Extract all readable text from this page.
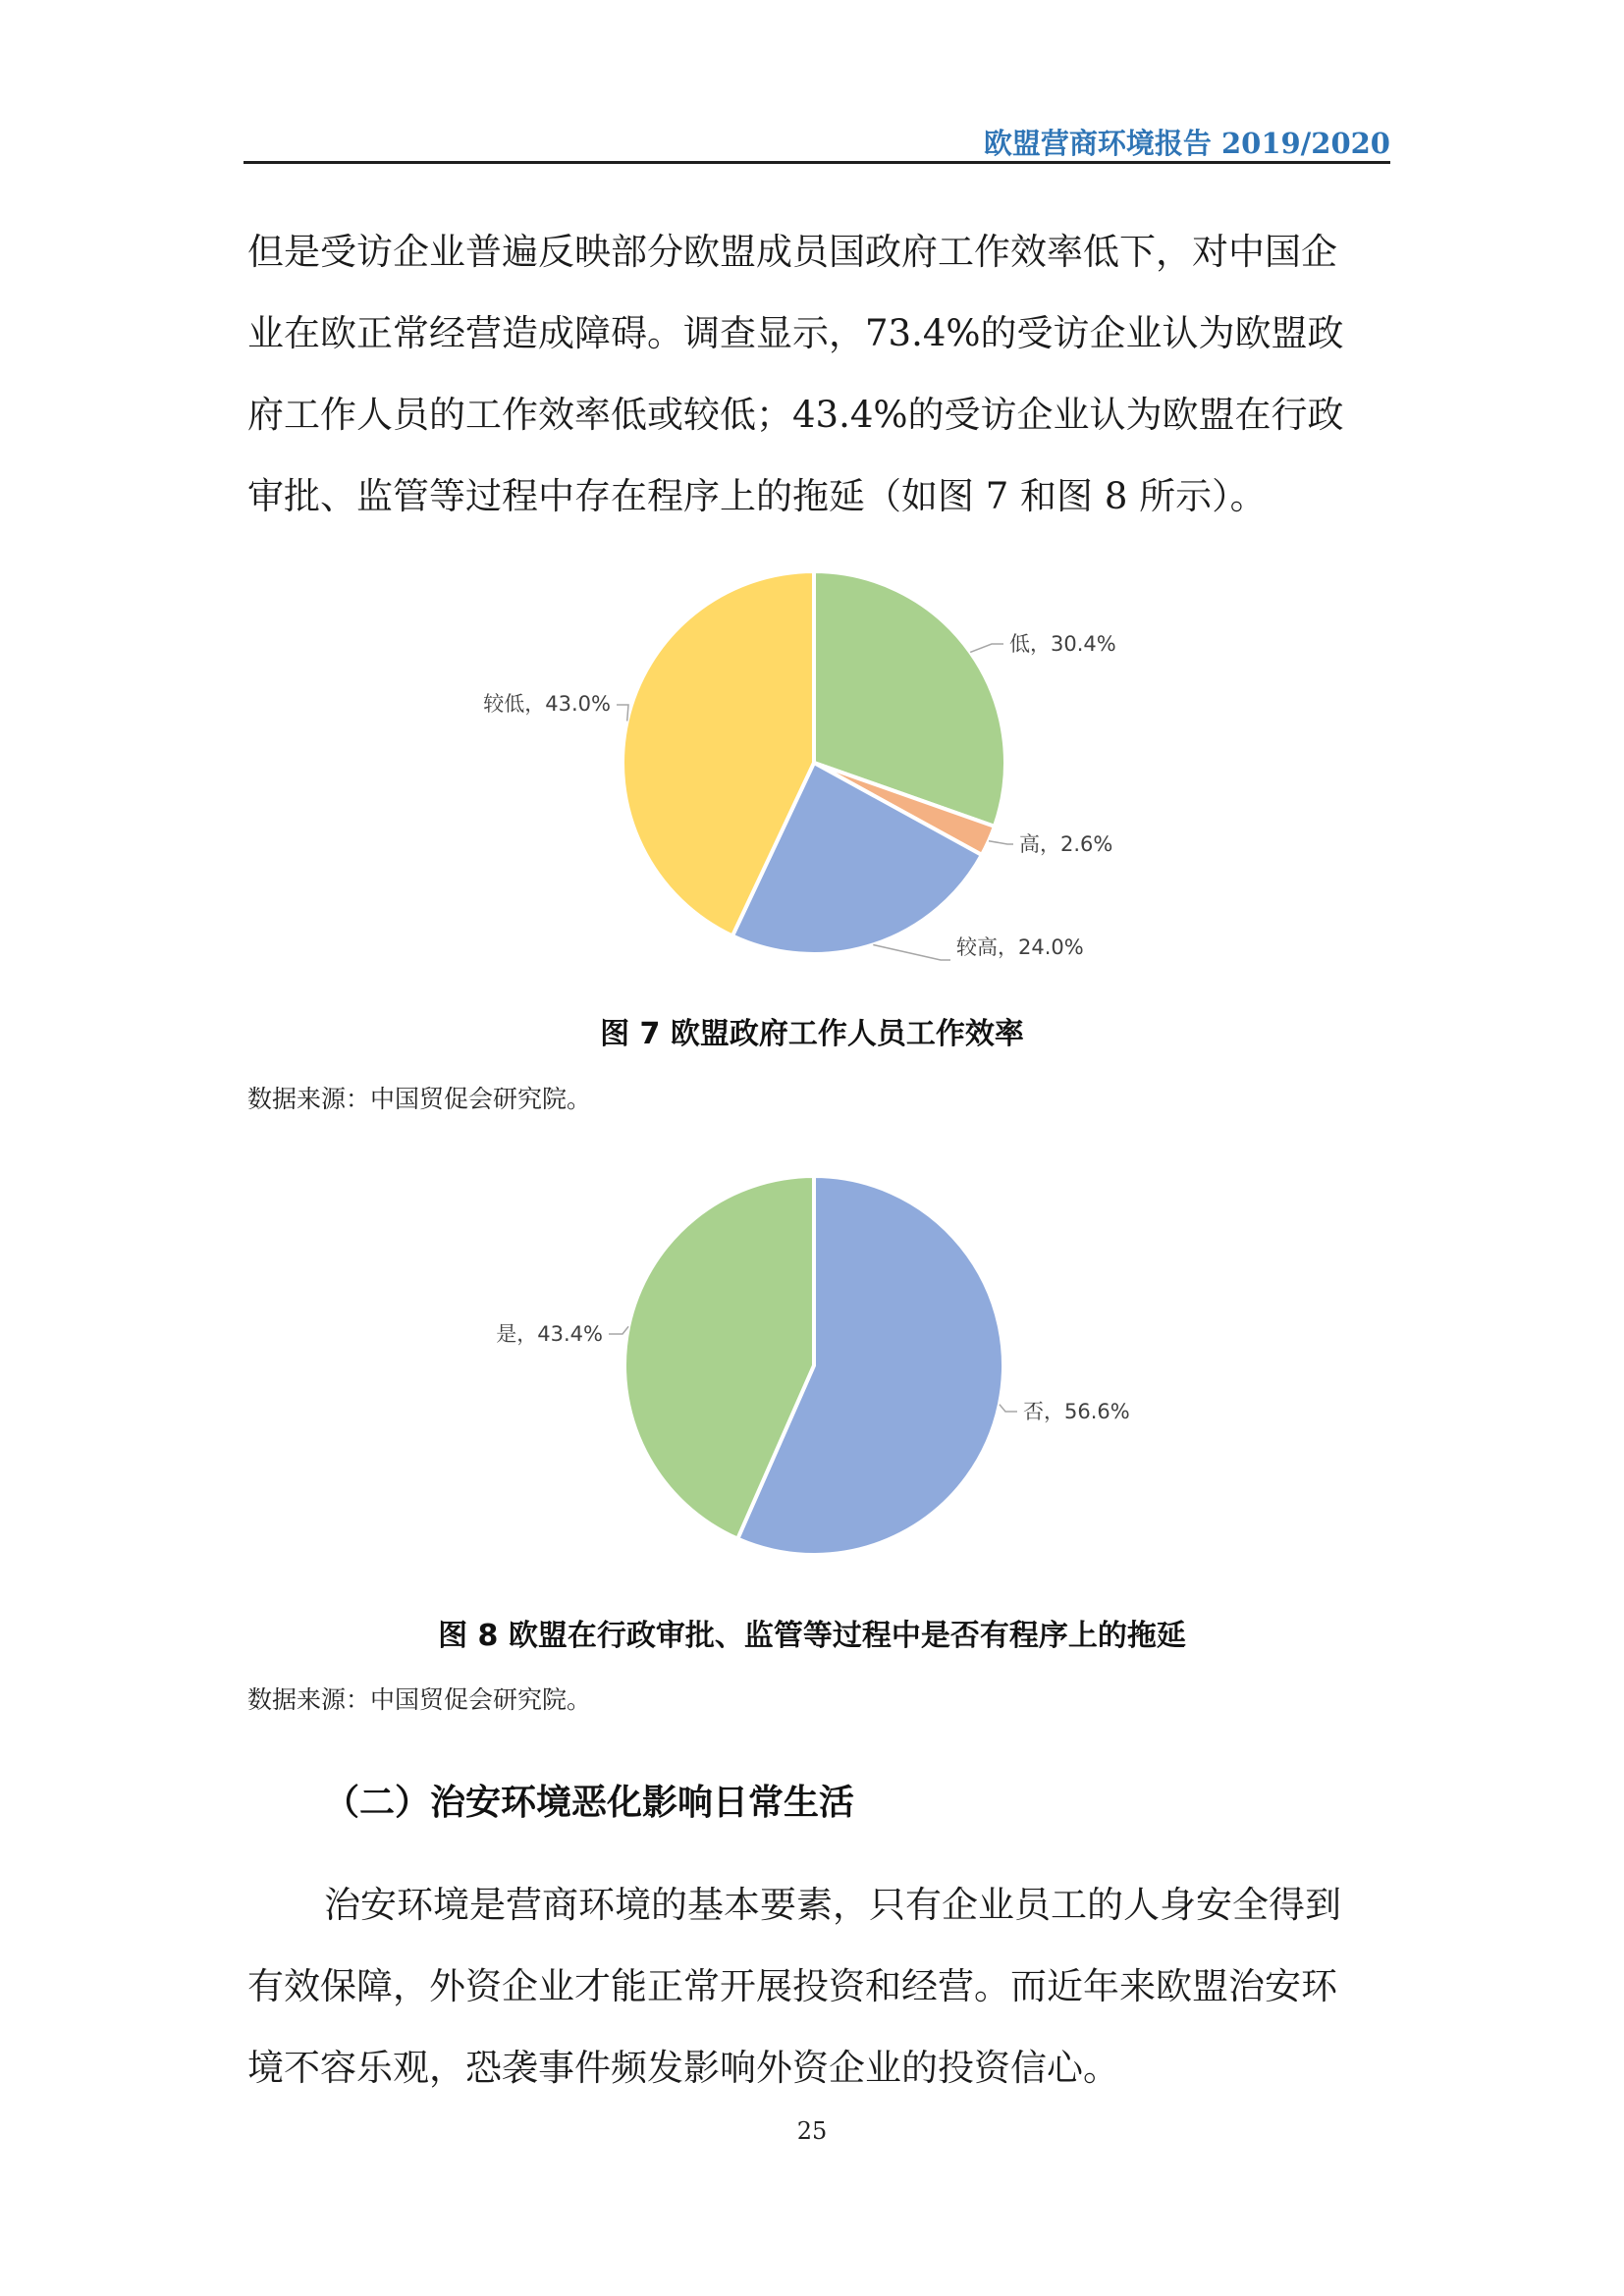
欧盟营商环境报告 2019/2020
但是受访企业普遍反映部分欧盟成员国政府工作效率低下，对中国企
业在欧正常经营造成障碍。调查显示，73.4%的受访企业认为欧盟政
府工作人员的工作效率低或较低；43.4%的受访企业认为欧盟在行政
审批、监管等过程中存在程序上的拖延（如图 7 和图 8 所示）。
低，30.4%
高，2.6%
较高，24.0%
较低，43.0%
图 7 欧盟政府工作人员工作效率
数据来源：中国贸促会研究院。
否，56.6%
是，43.4%
图 8 欧盟在行政审批、监管等过程中是否有程序上的拖延
数据来源：中国贸促会研究院。
（二）治安环境恶化影响日常生活
治安环境是营商环境的基本要素，只有企业员工的人身安全得到
有效保障，外资企业才能正常开展投资和经营。而近年来欧盟治安环
境不容乐观，恐袭事件频发影响外资企业的投资信心。
25
